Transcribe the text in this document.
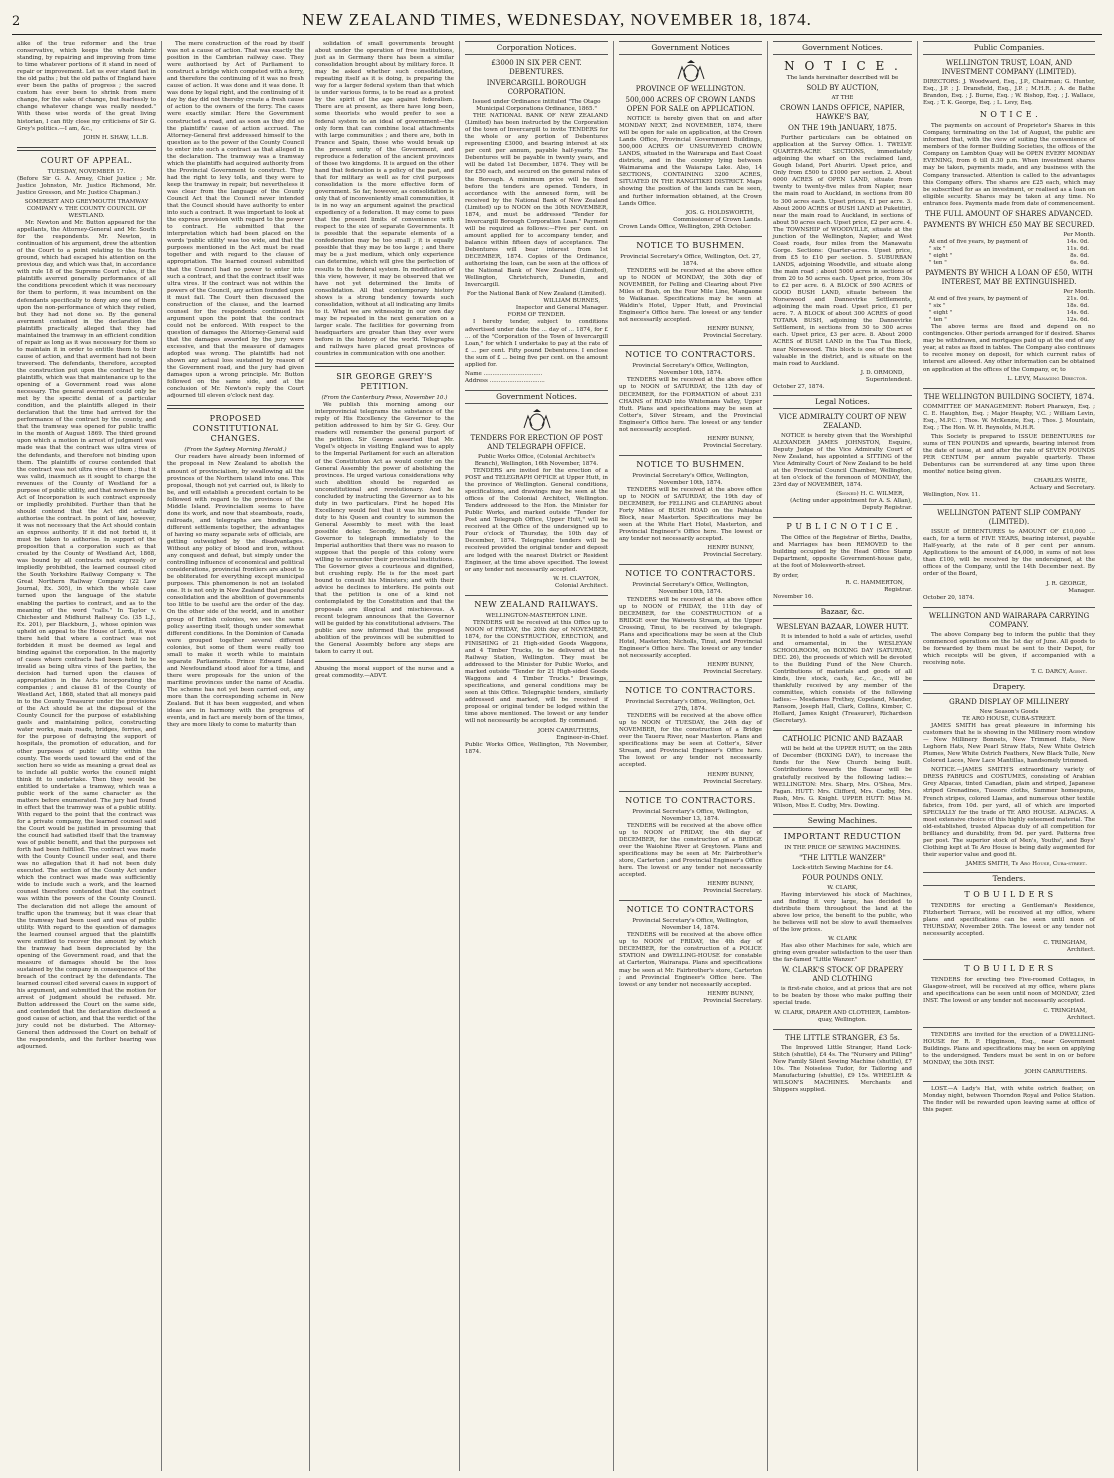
2	NEW ZEALAND TIMES, WEDNESDAY, NOVEMBER 18, 1874.

alike of the true reformer and the true conservative, which keeps the whole fabric standing, by repairing and improving from time to time whatever portions of it stand in need of repair or improvement. Let us ever stand fast in the old paths ; but the old paths of England have ever been the paths of progress ; the sacred custom has ever been to shrink from mere change, for the sake of change, but fearlessly to change whatever change was really needed." With these wise words of the great living historian, I can fitly close my criticisms of Sir G. Grey's politics.—I am, &c.,

JOHN H. SHAW, L.L.B.
COURT OF APPEAL.
TUESDAY, NOVEMBER 17.

(Before Sir G. A. Arney, Chief Justice ; Mr. Justice Johnston, Mr. Justice Richmond, Mr. Justice Gresson, and Mr. Justice Chapman.)

SOMERSET AND GREYMOUTH TRAMWAY COMPANY v. THE COUNTY COUNCIL OF WESTLAND.

Mr. Newton and Mr. Button appeared for the appellants, the Attorney-General and Mr. South for the respondents. Mr. Newton, in continuation of his argument, drew the attention of the Court to a point relating to the fourth ground, which had escaped his attention on the previous day, and which was that, in accordance with rule 18 of the Supreme Court rules, if the plaintiffs averred generally performance of all the conditions precedent which it was necessary for them to perform, it was incumbent on the defendants specifically to deny any one of them upon the non-performance of which they relied, but they had not done so. By the general averment contained in the declaration the plaintiffs practically alleged that they had maintained the tramway in an efficient condition of repair as long as it was necessary for them so to maintain it in order to entitle them to their cause of action, and that averment had not been traversed. The defendants, therefore, accepted the construction put upon the contract by the plaintiffs, which was that maintenance up to the opening of a Government road was alone necessary. The general averment could only be met by the specific denial of a particular condition, and the plaintiffs alleged in their declaration that the time had arrived for the performance of the contract by the county, and that the tramway was opened for public traffic in the month of August 1869. The third ground upon which a motion in arrest of judgment was made was that the contract was ultra vires of the defendants, and therefore not binding upon them. The plaintiffs of course contended that the contract was not ultra vires of them ; that it was valid, inasmuch as it sought to charge the revenues of the County of Westland for a purpose of public utility, and that nowhere in the Act of Incorporation is such contract expressly or impliedly prohibited. Further than that he should contend that the Act did actually authorise the contract. In point of law, however, it was not necessary that the Act should contain an express authority. If it did not forbid it, it must be taken to authorise. In support of the proposition that a corporation such as that created by the County of Westland Act, 1868, was bound by all contracts not expressly or impliedly prohibited, the learned counsel cited the South Yorkshire Railway Company v. The Great Northern Railway Company (22 Law Journal, Ex. 305), in which the whole case turned upon the language of the statute enabling the parties to contract, and as to the meaning of the word "calls." In Taylor v. Chichester and Midhurst Railway Co. (35 L.J., Ex. 201), per Blackburn, J., whose opinion was upheld on appeal to the House of Lords, it was there held that where a contract was not forbidden it must be deemed as legal and binding against the corporation. In the majority of cases where contracts had been held to be invalid as being ultra vires of the parties, the decision had turned upon the clauses of appropriation in the Acts incorporating the companies ; and clause 81 of the County of Westland Act, 1868, stated that all moneys paid in to the County Treasurer under the provisions of the Act should be at the disposal of the County Council for the purpose of establishing gaols and maintaining police, constructing water works, main roads, bridges, ferries, and for the purpose of defraying the support of hospitals, the promotion of education, and for other purposes of public utility within the county. The words used toward the end of the section here so wide as meaning a great deal as to include all public works the council might think fit to undertake. Then they would be entitled to undertake a tramway, which was a public work of the same character as the matters before enumerated. The jury had found in effect that the tramway was of a public utility. With regard to the point that the contract was for a private company, the learned counsel said the Court would be justified in presuming that the council had satisfied itself that the tramway was of public benefit, and that the purposes set forth had been fulfilled. The contract was made with the County Council under seal, and there was no allegation that it had not been duly executed. The section of the County Act under which the contract was made was sufficiently wide to include such a work, and the learned counsel therefore contended that the contract was within the powers of the County Council. The declaration did not allege the amount of traffic upon the tramway, but it was clear that the tramway had been used and was of public utility. With regard to the question of damages the learned counsel argued that the plaintiffs were entitled to recover the amount by which the tramway had been depreciated by the opening of the Government road, and that the measure of damages should be the loss sustained by the company in consequence of the breach of the contract by the defendants. The learned counsel cited several cases in support of his argument, and submitted that the motion for arrest of judgment should be refused. Mr. Button addressed the Court on the same side, and contended that the declaration disclosed a good cause of action, and that the verdict of the jury could not be disturbed. The Attorney-General then addressed the Court on behalf of the respondents, and the further hearing was adjourned.

The mere construction of the road by itself was not a cause of action. That was exactly the position in the Cambrian railway case. They were authorised by Act of Parliament to construct a bridge which competed with a ferry, and therefore the continuing of it was no fresh cause of action. It was done and it was done. It was done by legal right, and the continuing of it day by day did not thereby create a fresh cause of action to the owners of the ferry. The cases were exactly similar. Here the Government constructed a road, and as soon as they did so the plaintiffs' cause of action accrued. The Attorney-General first addressed himself to the question as to the power of the County Council to enter into such a contract as that alleged in the declaration. The tramway was a tramway which the plaintiffs had acquired authority from the Provincial Government to construct. They had the right to levy tolls, and they were to keep the tramway in repair, but nevertheless it was clear from the language of the County Council Act that the Council never intended that the Council should have authority to enter into such a contract. It was important to look at the express provision with regard to the power to contract. He submitted that the interpretation which had been placed on the words 'public utility' was too wide, and that the purposes mentioned in the Act must be read together and with regard to the clause of appropriation. The learned counsel submitted that the Council had no power to enter into such a contract, and that the contract itself was ultra vires. If the contract was not within the powers of the Council, any action founded upon it must fail. The Court then discussed the construction of the clause, and the learned counsel for the respondents continued his argument upon the point that the contract could not be enforced. With respect to the question of damages the Attorney-General said that the damages awarded by the jury were excessive, and that the measure of damages adopted was wrong. The plaintiffs had not shown any actual loss sustained by reason of the Government road, and the jury had given damages upon a wrong principle. Mr. Button followed on the same side, and at the conclusion of Mr. Newton's reply the Court adjourned till eleven o'clock next day.

PROPOSED CONSTITUTIONAL CHANGES.
(From the Sydney Morning Herald.)

Our readers have already been informed of the proposal in New Zealand to abolish the amount of provincialism, by swallowing all the provinces of the Northern island into one. This proposal, though not yet carried out, is likely to be, and will establish a precedent certain to be followed with regard to the provinces of the Middle Island. Provincialism seems to have done its work, and now that steamboats, roads, railroads, and telegraphs are binding the different settlements together, the advantages of having so many separate sets of officials, are getting outweighed by the disadvantages. Without any policy of blood and iron, without any conquest and defeat, but simply under the controlling influence of economical and political considerations, provincial frontiers are about to be obliterated for everything except municipal purposes. This phenomenon is not an isolated one. It is not only in New Zealand that peaceful consolidation and the abolition of governments too little to be useful are the order of the day. On the other side of the world, and in another group of British colonies, we see the same policy asserting itself, though under somewhat different conditions. In the Dominion of Canada were grouped together several different colonies, but some of them were really too small to make it worth while to maintain separate Parliaments. Prince Edward Island and Newfoundland stood aloof for a time, and there were proposals for the union of the maritime provinces under the name of Acadia. The scheme has not yet been carried out, any more than the corresponding scheme in New Zealand. But it has been suggested, and when ideas are in harmony with the progress of events, and in fact are merely born of the times, they are more likely to come to maturity than

solidation of small governments brought about under the operation of free institutions, just as in Germany there has been a similar consolidation brought about by military force. It may be asked whether such consolidation, repeating itself as it is doing, is preparing the way for a larger federal system than that which is under various forms, is to be read as a protest by the spirit of the age against federalism. There are at present, as there have long been, some theorists who would prefer to see a federal system to an ideal of government—the only form that can combine local attachments with large communities ; and there are, both in France and Spain, those who would break up the present unity of the Government, and reproduce a federation of the ancient provinces of those two kingdoms. It is argued on the other hand that federation is a policy of the past, and that for military as well as for civil purposes consolidation is the more effective form of government. So far, however, as consolidation is only that of inconveniently small communities, it is in no way an argument against the practical expediency of a federation. It may come to pass that the present limits of convenience with respect to the size of separate Governments. It is possible that the separate elements of a confederation may be too small ; it is equally possible that they may be too large ; and there may be a just medium, which only experience can determine, which will give the perfection of results to the federal system. In modification of this view, however, it may be observed that we have not yet determined the limits of consolidation. All that contemporary history shows is a strong tendency towards such consolidation, without at all indicating any limits to it. What we are witnessing in our own day may be repeated in the next generation on a larger scale. The facilities for governing from headquarters are greater than they ever were before in the history of the world. Telegraphs and railways have placed great provinces of countries in communication with one another.

SIR GEORGE GREY'S PETITION.
(From the Canterbury Press, November 10.)

We publish this morning among our interprovincial telegrams the substance of the reply of His Excellency the Governor to the petition addressed to him by Sir G. Grey. Our readers will remember the general purport of the petition. Sir George asserted that Mr. Vogel's objects in visiting England was to apply to the Imperial Parliament for such an alteration of the Constitution Act as would confer on the General Assembly the power of abolishing the provinces. He urged various considerations why such abolition should be regarded as unconstitutional and revolutionary. And he concluded by instructing the Governor as to his duty in two particulars. First he hoped His Excellency would feel that it was his bounden duty to his Queen and country to summon the General Assembly to meet with the least possible delay. Secondly, he prayed the Governor to telegraph immediately to the Imperial authorities that there was no reason to suppose that the people of this colony were willing to surrender their provincial institutions. The Governor gives a courteous and dignified, but crushing reply. He is for the most part bound to consult his Ministers; and with their advice he declines to interfere. He points out that the petition is one of a kind not contemplated by the Constitution and that the proposals are illogical and mischievous. A recent telegram announces that the Governor will be guided by his constitutional advisers. The public are now informed that the proposed abolition of the provinces will be submitted to the General Assembly before any steps are taken to carry it out.

Abusing the moral support of the nurse and a great commodity.—ADVT.

Corporation Notices.
£3000 IN SIX PER CENT. DEBENTURES.
INVERCARGILL BOROUGH CORPORATION.
Issued under Ordinance intituled "The Otago Municipal Corporations Ordinance, 1865."

THE NATIONAL BANK OF NEW ZEALAND (Limited) has been instructed by the Corporation of the town of Invercargill to invite TENDERS for the whole or any portion of Debentures representing £3000, and bearing interest at six per cent per annum, payable half-yearly. The Debentures will be payable in twenty years, and will be dated 1st December, 1874. They will be for £50 each, and secured on the general rates of the Borough. A minimum price will be fixed before the tenders are opened. Tenders, in accordance with the annexed form, will be received by the National Bank of New Zealand (Limited) up to NOON on the 30th NOVEMBER, 1874, and must be addressed "Tender for Invercargill Borough Corporation Loan." Payment will be required as follows:—Five per cent. on amount applied for to accompany tender, and balance within fifteen days of acceptance. The Debentures will bear interest from 1st DECEMBER, 1874. Copies of the Ordinance, authorising the loan, can be seen at the offices of the National Bank of New Zealand (Limited), Wellington, Christchurch, Dunedin, and Invercargill.

For the National Bank of New Zealand (Limited).
WILLIAM BURNES,
Inspector and General Manager.
FORM OF TENDER.

I hereby tender, subject to conditions advertised under date the ... day of ... 1874, for £ ... of the "Corporation of the Town of Invercargill Loan," for which I undertake to pay at the rate of £ ... per cent. Fifty pound Debentures. I enclose the sum of £ ... being five per cent. on the amount applied for.

Name .................................
Address ...............................
Government Notices.
TENDERS FOR ERECTION OF POST AND TELEGRAPH OFFICE.
Public Works Office, (Colonial Architect's Branch), Wellington, 16th November, 1874.

TENDERS are invited for the erection of a POST and TELEGRAPH OFFICE at Upper Hutt, in the province of Wellington. General conditions, specifications, and drawings may be seen at the offices of the Colonial Architect, Wellington. Tenders addressed to the Hon. the Minister for Public Works, and marked outside "Tender for Post and Telegraph Office, Upper Hutt," will be received at the Office of the undersigned up to Four o'clock of Thursday, the 10th day of December, 1874. Telegraphic tenders will be received provided the original tender and deposit are lodged with the nearest District or Resident Engineer, at the time above specified. The lowest or any tender not necessarily accepted.

W. H. CLAYTON,
Colonial Architect.
NEW ZEALAND RAILWAYS.
WELLINGTON-MASTERTON LINE.

TENDERS will be received at this Office up to NOON of FRIDAY, the 20th day of NOVEMBER, 1874, for the CONSTRUCTION, ERECTION, and FINISHING of 21 High-sided Goods Waggons, and 4 Timber Trucks, to be delivered at the Railway Station, Wellington. They must be addressed to the Minister for Public Works, and marked outside "Tender for 21 High-sided Goods Waggons and 4 Timber Trucks." Drawings, specifications, and general conditions may be seen at this Office. Telegraphic tenders, similarly addressed and marked, will be received if proposal or original tender be lodged within the time above mentioned. The lowest or any tender will not necessarily be accepted. By command.

JOHN CARRUTHERS,
Engineer-in-Chief.
Public Works Office, Wellington, 7th November, 1874.
Government Notices
PROVINCE OF WELLINGTON.
500,000 ACRES OF CROWN LANDS OPEN FOR SALE on APPLICATION.

NOTICE is hereby given that on and after MONDAY NEXT, 2nd NOVEMBER, 1874, there will be open for sale on application, at the Crown Lands Office, Provincial Government Buildings, 500,000 ACRES OF UNSURVEYED CROWN LANDS, situated in the Wairarapa and East Coast districts, and in the country lying between Waimarama and the Waiarapa Lake. Also, 14 SECTIONS, CONTAINING 3200 ACRES, SITUATED IN THE RANGITIKEI DISTRICT. Maps showing the position of the lands can be seen, and further information obtained, at the Crown Lands Office.

JOS. G. HOLDSWORTH,
Commissioner of Crown Lands.
Crown Lands Office, Wellington, 29th October.
NOTICE TO BUSHMEN.
Provincial Secretary's Office, Wellington, Oct. 27, 1874.

TENDERS will be received at the above office up to NOON of MONDAY, the 30th day of NOVEMBER, for Felling and Clearing about Five Miles of Bush, on the Four Mile Line, Mangaone to Waikanae. Specifications may be seen at Waldin's Hotel, Upper Hutt, and Provincial Engineer's Office here. The lowest or any tender not necessarily accepted.

HENRY BUNNY,
Provincial Secretary.
NOTICE TO CONTRACTORS.
Provincial Secretary's Office, Wellington, November 10th, 1874.

TENDERS will be received at the above office up to NOON of SATURDAY, the 12th day of DECEMBER, for the FORMATION of about 231 CHAINS of ROAD into Whitemans Valley, Upper Hutt. Plans and specifications may be seen at Cotter's, Silver Stream, and the Provincial Engineer's Office here. The lowest or any tender not necessarily accepted.

HENRY BUNNY,
Provincial Secretary.
NOTICE TO BUSHMEN.
Provincial Secretary's Office, Wellington, November 10th, 1874.

TENDERS will be received at the above office up to NOON of SATURDAY, the 19th day of DECEMBER, for FELLING and CLEARING about Forty Miles of BUSH ROAD on the Pahiatua Block, near Masterton. Specifications may be seen at the White Hart Hotel, Masterton, and Provincial Engineer's Office here. The lowest or any tender not necessarily accepted.

HENRY BUNNY,
Provincial Secretary.
NOTICE TO CONTRACTORS.
Provincial Secretary's Office, Wellington, November 10th, 1874.

TENDERS will be received at the above office up to NOON of FRIDAY, the 11th day of DECEMBER, for the CONSTRUCTION of a BRIDGE over the Waiwetu Stream, at the Upper Crossing, Tinui, to be received by telegraph. Plans and specifications may be seen at the Club Hotel, Masterton; Nicholls, Tinui, and Provincial Engineer's Office here. The lowest or any tender not necessarily accepted.

HENRY BUNNY,
Provincial Secretary.
NOTICE TO CONTRACTORS.
Provincial Secretary's Office, Wellington, Oct. 27th, 1874.

TENDERS will be received at the above office up to NOON of TUESDAY, the 24th day of NOVEMBER, for the construction of a Bridge over the Taueru River, near Masterton. Plans and specifications may be seen at Cotter's, Silver Stream, and Provincial Engineer's Office here. The lowest or any tender not necessarily accepted.

HENRY BUNNY,
Provincial Secretary.
NOTICE TO CONTRACTORS.
Provincial Secretary's Office, Wellington, November 13, 1874.

TENDERS will be received at the above office up to NOON of FRIDAY, the 4th day of DECEMBER, for the construction of a BRIDGE over the Waiohine River at Greytown. Plans and specifications may be seen at Mr. Fairbrother's store, Carterton ; and Provincial Engineer's Office here. The lowest or any tender not necessarily accepted.

HENRY BUNNY,
Provincial Secretary.
NOTICE TO CONTRACTORS
Provincial Secretary's Office, Wellington, November 14, 1874.

TENDERS will be received at the above office up to NOON of FRIDAY, the 4th day of DECEMBER, for the construction of a POLICE STATION and DWELLING-HOUSE for constable at Carterton, Wairarapa. Plans and specifications may be seen at Mr. Fairbrother's store, Carterton ; and Provincial Engineer's Office here. The lowest or any tender not necessarily accepted.

HENRY BUNNY,
Provincial Secretary.
Government Notices.
N O T I C E .
The lands hereinafter described will be
SOLD BY AUCTION,
AT THE
CROWN LANDS OFFICE, NAPIER, HAWKE'S BAY,
ON THE 19th JANUARY, 1875.

Further particulars can be obtained on application at the Survey Office. 1. TWELVE QUARTER-ACRE SECTIONS, immediately adjoining the wharf on the reclaimed land, Gough Island, Port Ahuriri. Upset price, and Only from £500 to £1000 per section. 2. About 6000 ACRES of OPEN LAND, situate from twenty to twenty-five miles from Napier, near the main road to Auckland, in sections from 80 to 300 acres each. Upset prices, £1 per acre. 3. About 2000 ACRES of BUSH LAND at Puketitiri, near the main road to Auckland, in sections of about 50 acres each. Upset price, £2 per acre. 4. The TOWNSHIP of WOODVILLE, situate at the junction of the Wellington, Napier, and West Coast roads, four miles from the Manawatu Gorge. Sections: Quarter-acres. Upset price, from £5 to £10 per section. 5. SUBURBAN LANDS, adjoining Woodville, and situate along the main road ; about 5000 acres in sections of from 20 to 50 acres each. Upset price, from 30s to £2 per acre. 6. A BLOCK of 590 ACRES of GOOD BUSH LAND, situate between the Norsewood and Dannevirke Settlements, adjoining the main road. Upset price, £1 per acre. 7. A BLOCK of about 300 ACRES of good TOTARA BUSH, adjoining the Dannevirke Settlement, in sections from 30 to 300 acres each. Upset price, £3 per acre. 8. About 2000 ACRES of BUSH LAND in the Tua Tua Block, near Norsewood. This block is one of the most valuable in the district, and is situate on the main road to Auckland.

J. D. ORMOND,
Superintendent.
October 27, 1874.
Legal Notices.
VICE ADMIRALTY COURT OF NEW ZEALAND.

NOTICE is hereby given that the Worshipful ALEXANDER JAMES JOHNSTON, Esquire, Deputy Judge of the Vice Admiralty Court of New Zealand, has appointed a SITTING of the Vice Admiralty Court of New Zealand to be held at the Provincial Council Chamber, Wellington, at ten o'clock of the forenoon of MONDAY, the 23rd day of NOVEMBER, 1874.

(Signed) H. C. WILMER,
(Acting under appointment for A. S. Allan), Deputy Registrar.
P U B L I C N O T I C E .

The Office of the Registrar of Births, Deaths, and Marriages has been REMOVED to the building occupied by the Head Office Stamp Department, opposite Government-house gate, at the foot of Molesworth-street.

By order,
R. C. HAMMERTON,
Registrar.
November 16.
Bazaar, &c.
WESLEYAN BAZAAR, LOWER HUTT.

It is intended to hold a sale of articles, useful and ornamental, in the WESLEYAN SCHOOLROOM, on BOXING DAY (SATURDAY, DEC. 26), the proceeds of which will be devoted to the Building Fund of the New Church. Contributions of materials and goods of all kinds, live stock, cash, &c., &c., will be thankfully received by any member of the committee, which consists of the following ladies:— Mesdames Frethey, Copeland, Mander, Ransom, Joseph Hall, Clark, Collins, Kimber, C. Hollard, James Knight (Treasurer), Richardson (Secretary).

CATHOLIC PICNIC AND BAZAAR

will be held at the UPPER HUTT, on the 28th of December (BOXING DAY), to increase the funds for the New Church being built. Contributions towards the Bazaar will be gratefully received by the following ladies:— WELLINGTON: Mrs. Sharp, Mrs. O'Shea, Mrs. Fagan. HUTT: Mrs. Clifford, Mrs. Cudby, Mrs. Rush, Mrs. G. Knight. UPPER HUTT: Miss M. Wilson, Miss E. Cudby, Mrs. Dowling.

Sewing Machines.
IMPORTANT REDUCTION
IN THE PRICE OF SEWING MACHINES.
"THE LITTLE WANZER"
Lock-stitch Sewing Machine for £4.
FOUR POUNDS ONLY.
W. CLARK,

Having interviewed his stock of Machines, and finding it very large, has decided to distribute them throughout the land at the above low price, the benefit to the public, who he believes will not be slow to avail themselves of the low prices.

W. CLARK

Has also other Machines for sale, which are giving even greater satisfaction to the user than the far-famed "Little Wanzer."

W. CLARK'S STOCK OF DRAPERY AND CLOTHING

is first-rate choice, and at prices that are not to be beaten by those who make puffing their special trade.

W. CLARK, DRAPER AND CLOTHIER, Lambton-quay, Wellington.
THE LITTLE STRANGER, £3 5s.

The Improved Little Stranger, Hand Lock-Stitch (shuttle), £4 4s. The "Nursery and Pilling" New Family Silent Sewing Machine (shuttle), £7 10s. The Noiseless Tudor, for Tailoring and Manufacturing (shuttle), £9 15s. WHEELER & WILSON'S MACHINES. Merchants and Shippers supplied.

Public Companies.
WELLINGTON TRUST, LOAN, AND INVESTMENT COMPANY (LIMITED).

DIRECTORS: J. Woodward, Esq., J.P., Chairman; G. Hunter, Esq., J.P. ; J. Dransfield, Esq., J.P. ; M.H.R. ; A. de Bathe Brandon, Esq. ; J. Burne, Esq. ; W. Bishop, Esq. ; J. Wallace, Esq. ; T. K. George, Esq. ; L. Levy, Esq.

N O T I C E .

The payments on account of Proprietor's Shares in this Company, terminating on the 1st of August, the public are informed that, with the view of suiting the convenience of members of the former Building Societies, the offices of the Company on Lambton Quay will be OPEN EVERY MONDAY EVENING, from 6 till 8.30 p.m. When investment shares may be taken, payments made, and any business with the Company transacted. Attention is called to the advantages this Company offers. The shares are £25 each, which may be subscribed for as an investment, or realised as a loan on eligible security. Shares may be taken at any time. No entrance fees. Payments made from date of commencement.

THE FULL AMOUNT OF SHARES ADVANCED.
PAYMENTS BY WHICH £50 MAY BE SECURED.
Per Month.
At end of five years, by payment of	14s. 0d.
" six "	11s. 6d.
" eight "	8s. 6d.
" ten "	6s. 6d.
PAYMENTS BY WHICH A LOAN OF £50, WITH INTEREST, MAY BE EXTINGUISHED.
Per Month.
At end of five years, by payment of	21s. 0d.
" six "	18s. 6d.
" eight "	14s. 6d.
" ten "	12s. 6d.

The above terms are fixed and depend on no contingencies. Other periods arranged for if desired. Shares may be withdrawn, and mortgages paid up at the end of any year, at rates as fixed in tables. The Company also continues to receive money on deposit, for which current rates of interest are allowed. Any other information can be obtained on application at the offices of the Company, or, to

L. LEVY, Managing Director.
THE WELLINGTON BUILDING SOCIETY, 1874.

COMMITTEE OF MANAGEMENT: Robert Pharazyn, Esq. ; C. E. Haughton, Esq. ; Major Heaphy, V.C. ; William Levin, Esq., M.P.C. ; Thos. W. McKenzie, Esq. ; Thos. J. Mountain, Esq. ; The Hon. W. H. Reynolds, M.H.R.

This Society is prepared to ISSUE DEBENTURES for sums of TEN POUNDS and upwards, bearing interest from the date of issue, at and after the rate of SEVEN POUNDS PER CENTUM per annum payable quarterly. These Debentures can be surrendered at any time upon three months' notice being given.

CHARLES WHITE,
Actuary and Secretary.
Wellington, Nov. 11.
WELLINGTON PATENT SLIP COMPANY (LIMITED).

ISSUE of DEBENTURES to AMOUNT OF £10,000 ... each, for a term of FIVE YEARS, bearing interest, payable Half-yearly, at the rate of 8 per cent per annum. Applications to the amount of £4,000, in sums of not less than £100, will be received by the undersigned, at the offices of the Company, until the 14th December next. By order of the Board,

J. R. GEORGE,
Manager.
October 20, 1874.
WELLINGTON AND WAIRARAPA CARRYING COMPANY.

The above Company beg to inform the public that they commenced operations on the 1st day of June. All goods to be forwarded by them must be sent to their Depot, for which receipts will be given, if accompanied with a receiving note.

T. C. DARCY, Agent.
Drapery.
GRAND DISPLAY OF MILLINERY
New Season's Goods
TE ARO HOUSE, CUBA-STREET.

JAMES SMITH has great pleasure in informing his customers that he is showing in the Millinery room window — New Millinery Bonnets, New Trimmed Hats, New Leghorn Hats, New Pearl Straw Hats, New White Ostrich Plumes, New White Ostrich Feathers, New Black Tulle, New Colored Laces, New Lace Mantillas, handsomely trimmed.

NOTICE.—JAMES SMITH'S extraordinary variety of DRESS FABRICS and COSTUMES, consisting of Arabian Grey Alpacas, tinted Canadian, plain and striped, Japanese striped Grenadines, Tussore cloths, Summer homespuns, French stripes, colored Llamas, and numerous other textile fabrics, from 10d. per yard, all of which are imported SPECIALLY for the trade of TE ARO HOUSE. ALPACAS. A most extensive choice of this highly esteemed material. The old-established, trusted Alpacas duly of all competition for brilliancy and durability, from 9d. per yard. Patterns free per post. The superior stock of Men's, Youths', and Boys' Clothing kept at Te Aro House is being daily augmented for their superior value and good fit.

JAMES SMITH, Te Aro House, Cuba-street.
Tenders.
T O B U I L D E R S

TENDERS for erecting a Gentleman's Residence, Fitzherbert Terrace, will be received at my office, where plans and specifications can be seen until noon of THURSDAY, November 26th. The lowest or any tender not necessarily accepted.

C. TRINGHAM,
Architect.
T O B U I L D E R S

TENDERS for erecting two Five-roomed Cottages, in Glasgow-street, will be received at my office, where plans and specifications can be seen until noon of MONDAY, 23rd INST. The lowest or any tender not necessarily accepted.

C. TRINGHAM,
Architect.

TENDERS are invited for the erection of a DWELLING-HOUSE for R. P. Higginson, Esq., near Government Buildings. Plans and specifications may be seen on applying to the undersigned. Tenders must be sent in on or before MONDAY, the 30th INST.

JOHN CARRUTHERS.

LOST.—A Lady's Hat, with white ostrich feather, on Monday night, between Thorndon Royal and Police Station. The finder will be rewarded upon leaving same at office of this paper.
